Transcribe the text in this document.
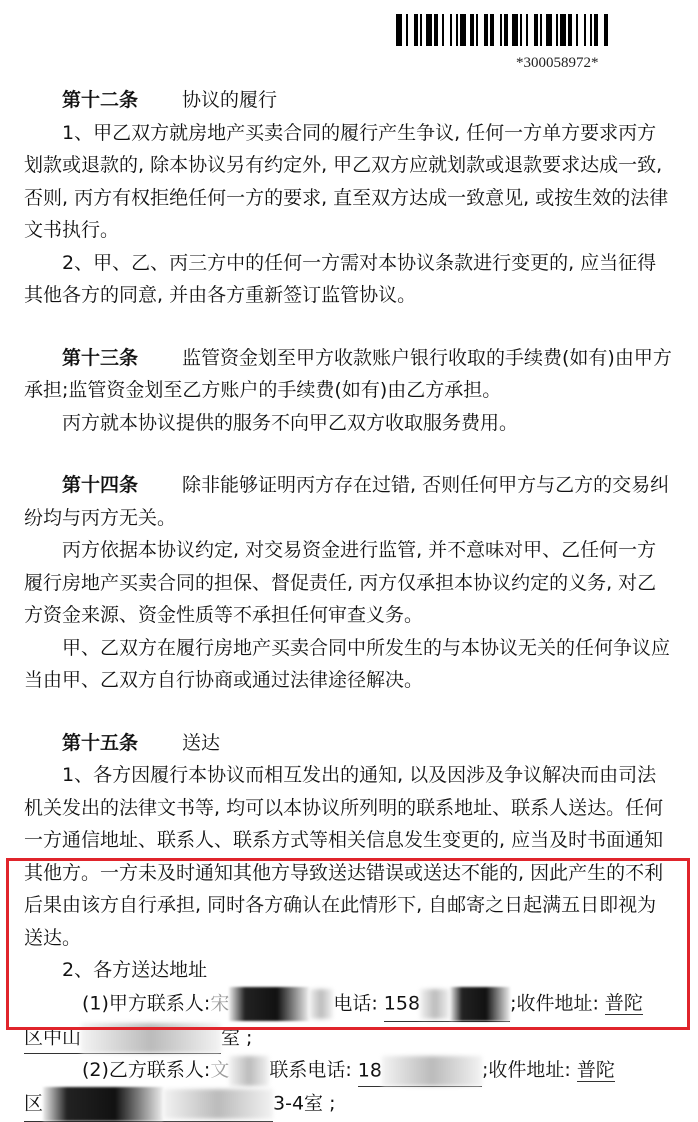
*300058972*

第十二条 协议的履行

1、甲乙双方就房地产买卖合同的履行产生争议, 任何一方单方要求丙方划款或退款的, 除本协议另有约定外, 甲乙双方应就划款或退款要求达成一致, 否则, 丙方有权拒绝任何一方的要求, 直至双方达成一致意见, 或按生效的法律文书执行。

2、甲、乙、丙三方中的任何一方需对本协议条款进行变更的, 应当征得其他各方的同意, 并由各方重新签订监管协议。

第十三条 监管资金划至甲方收款账户银行收取的手续费(如有)由甲方承担;监管资金划至乙方账户的手续费(如有)由乙方承担。

丙方就本协议提供的服务不向甲乙双方收取服务费用。

第十四条 除非能够证明丙方存在过错, 否则任何甲方与乙方的交易纠纷均与丙方无关。

丙方依据本协议约定, 对交易资金进行监管, 并不意味对甲、乙任何一方履行房地产买卖合同的担保、督促责任, 丙方仅承担本协议约定的义务, 对乙方资金来源、资金性质等不承担任何审查义务。

甲、乙双方在履行房地产买卖合同中所发生的与本协议无关的任何争议应当由甲、乙双方自行协商或通过法律途径解决。

第十五条 送达

1、各方因履行本协议而相互发出的通知, 以及因涉及争议解决而由司法机关发出的法律文书等, 均可以本协议所列明的联系地址、联系人送达。任何一方通信地址、联系人、联系方式等相关信息发生变更的, 应当及时书面通知其他方。一方未及时通知其他方导致送达错误或送达不能的, 因此产生的不利后果由该方自行承担, 同时各方确认在此情形下, 自邮寄之日起满五日即视为送达。

2、各方送达地址

(1)甲方联系人:宋	电话: 158	;收件地址: 普陀

区中山	室 ;

(2)乙方联系人:文 联系电话: 18	;收件地址: 普陀

区	3-4室 ;
